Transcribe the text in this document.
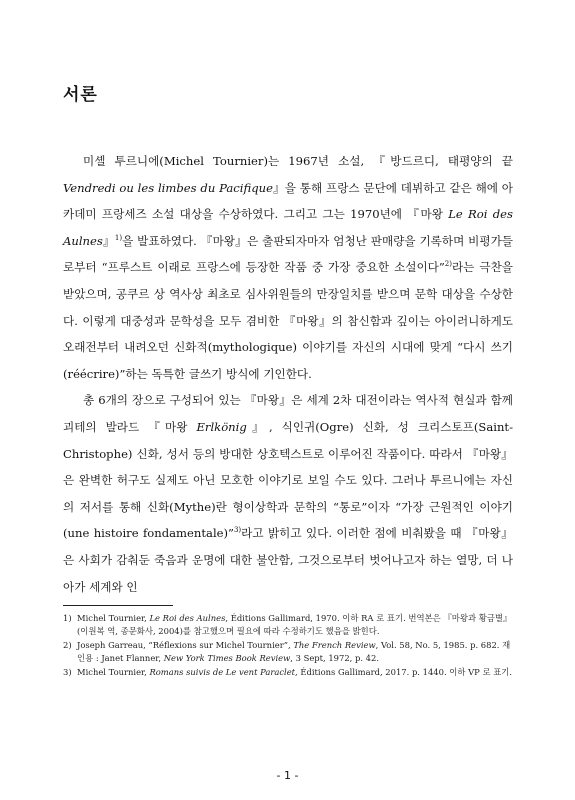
서론

미셸 투르니에(Michel Tournier)는 1967년 소설, 『방드르디, 태평양의 끝 Vendredi ou les limbes du Pacifique』을 통해 프랑스 문단에 데뷔하고 같은 해에 아카데미 프랑세즈 소설 대상을 수상하였다. 그리고 그는 1970년에 『마왕 Le Roi des Aulnes』$^{1)}$을 발표하였다. 『마왕』은 출판되자마자 엄청난 판매량을 기록하며 비평가들로부터 “프루스트 이래로 프랑스에 등장한 작품 중 가장 중요한 소설이다”$^{2)}$라는 극찬을 받았으며, 공쿠르 상 역사상 최초로 심사위원들의 만장일치를 받으며 문학 대상을 수상한다. 이렇게 대중성과 문학성을 모두 겸비한 『마왕』의 참신함과 깊이는 아이러니하게도 오래전부터 내려오던 신화적(mythologique) 이야기를 자신의 시대에 맞게 “다시 쓰기(réécrire)”하는 독특한 글쓰기 방식에 기인한다.

총 6개의 장으로 구성되어 있는 『마왕』은 세계 2차 대전이라는 역사적 현실과 함께 괴테의 발라드 『마왕 Erlkönig』, 식인귀(Ogre) 신화, 성 크리스토프(Saint-Christophe) 신화, 성서 등의 방대한 상호텍스트로 이루어진 작품이다. 따라서 『마왕』은 완벽한 허구도 실제도 아닌 모호한 이야기로 보일 수도 있다. 그러나 투르니에는 자신의 저서를 통해 신화(Mythe)란 형이상학과 문학의 “통로”이자 “가장 근원적인 이야기(une histoire fondamentale)”$^{3)}$라고 밝히고 있다. 이러한 점에 비춰봤을 때 『마왕』은 사회가 감춰둔 죽음과 운명에 대한 불안함, 그것으로부터 벗어나고자 하는 열망, 더 나아가 세계와 인

1) Michel Tournier, Le Roi des Aulnes, Éditions Gallimard, 1970. 이하 RA 로 표기. 번역본은 『마왕과 황금별』(이원복 역, 종문화사, 2004)를 참고했으며 필요에 따라 수정하기도 했음을 밝힌다.
2) Joseph Garreau, “Réflexions sur Michel Tournier”, The French Review, Vol. 58, No. 5, 1985. p. 682. 재인용 : Janet Flanner, New York Times Book Review, 3 Sept, 1972, p. 42.
3) Michel Tournier, Romans suivis de Le vent Paraclet, Éditions Gallimard, 2017. p. 1440. 이하 VP 로 표기.
- 1 -
